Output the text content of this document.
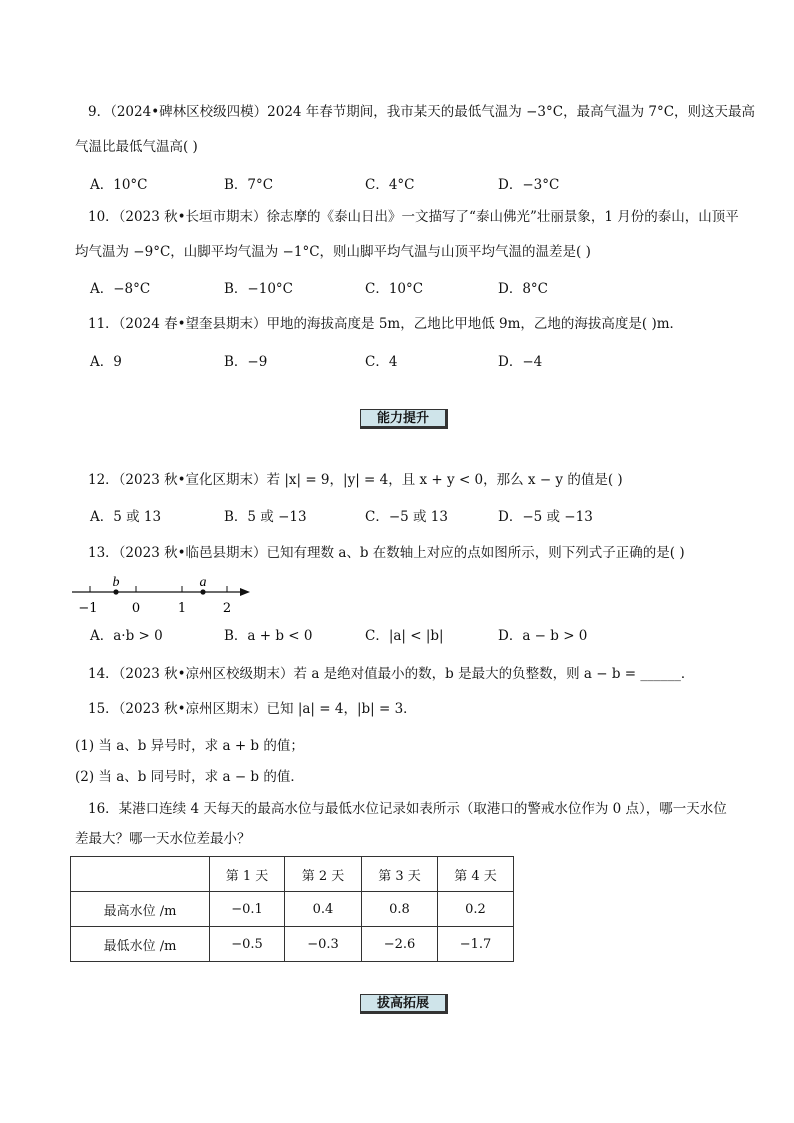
9．（2024•碑林区校级四模）2024 年春节期间，我市某天的最低气温为 −3°C，最高气温为 7°C，则这天最高
气温比最低气温高( )
A．10°C	B．7°C	C．4°C	D．−3°C
10．（2023 秋•长垣市期末）徐志摩的《泰山日出》一文描写了“泰山佛光”壮丽景象，1 月份的泰山，山顶平
均气温为 −9°C，山脚平均气温为 −1°C，则山脚平均气温与山顶平均气温的温差是( )
A．−8°C	B．−10°C	C．10°C	D．8°C
11．（2024 春•望奎县期末）甲地的海拔高度是 5m，乙地比甲地低 9m，乙地的海拔高度是( )m．
A．9	B．−9	C．4	D．−4
能力提升
12．（2023 秋•宣化区期末）若 |x| = 9，|y| = 4，且 x + y < 0，那么 x − y 的值是( )
A．5 或 13	B．5 或 −13	C．−5 或 13	D．−5 或 −13
13．（2023 秋•临邑县期末）已知有理数 a、b 在数轴上对应的点如图所示，则下列式子正确的是( )
b	a
−1	0	1	2
A．a·b > 0	B．a + b < 0	C．|a| < |b|	D．a − b > 0
14．（2023 秋•凉州区校级期末）若 a 是绝对值最小的数，b 是最大的负整数，则 a − b = ______．
15．（2023 秋•凉州区期末）已知 |a| = 4，|b| = 3．
(1) 当 a、b 异号时，求 a + b 的值；
(2) 当 a、b 同号时，求 a − b 的值．
16．某港口连续 4 天每天的最高水位与最低水位记录如表所示（取港口的警戒水位作为 0 点），哪一天水位
差最大？哪一天水位差最小？
	第 1 天	第 2 天	第 3 天	第 4 天
最高水位 /m	−0.1	0.4	0.8	0.2
最低水位 /m	−0.5	−0.3	−2.6	−1.7
拔高拓展
